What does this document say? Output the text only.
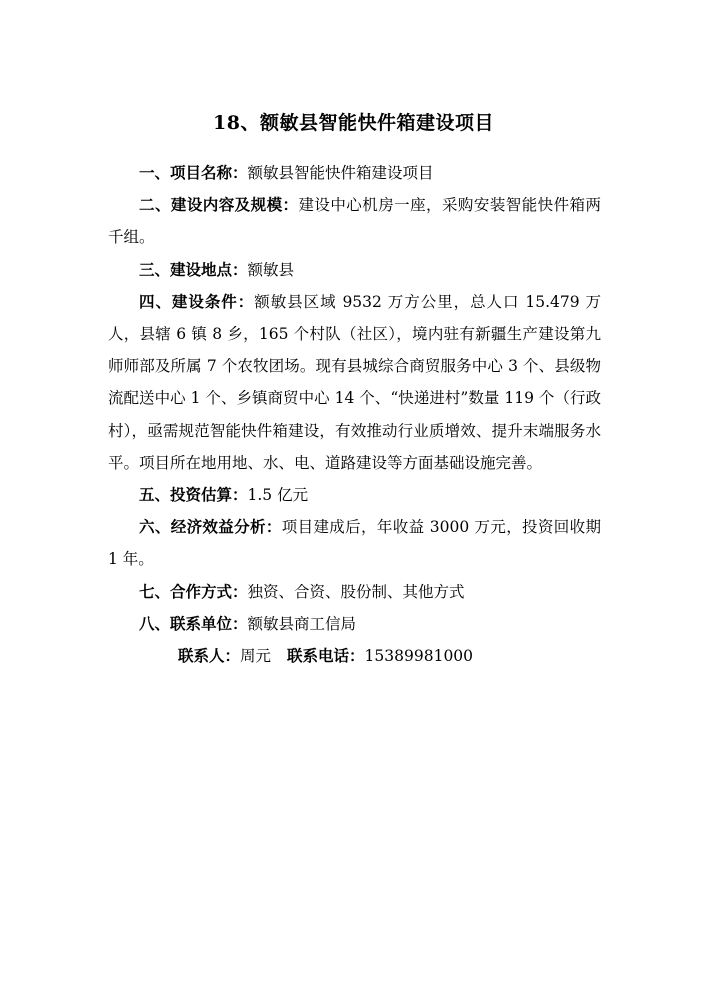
18、额敏县智能快件箱建设项目

一、项目名称：额敏县智能快件箱建设项目

二、建设内容及规模：建设中心机房一座，采购安装智能快件箱两千组。

三、建设地点：额敏县

四、建设条件：额敏县区域 9532 万方公里，总人口 15.479 万人，县辖 6 镇 8 乡，165 个村队（社区），境内驻有新疆生产建设第九师师部及所属 7 个农牧团场。现有县城综合商贸服务中心 3 个、县级物流配送中心 1 个、乡镇商贸中心 14 个、“快递进村”数量 119 个（行政村），亟需规范智能快件箱建设，有效推动行业质增效、提升末端服务水平。项目所在地用地、水、电、道路建设等方面基础设施完善。

五、投资估算：1.5 亿元

六、经济效益分析：项目建成后，年收益 3000 万元，投资回收期 1 年。

七、合作方式：独资、合资、股份制、其他方式

八、联系单位：额敏县商工信局

联系人：周元 联系电话：15389981000
